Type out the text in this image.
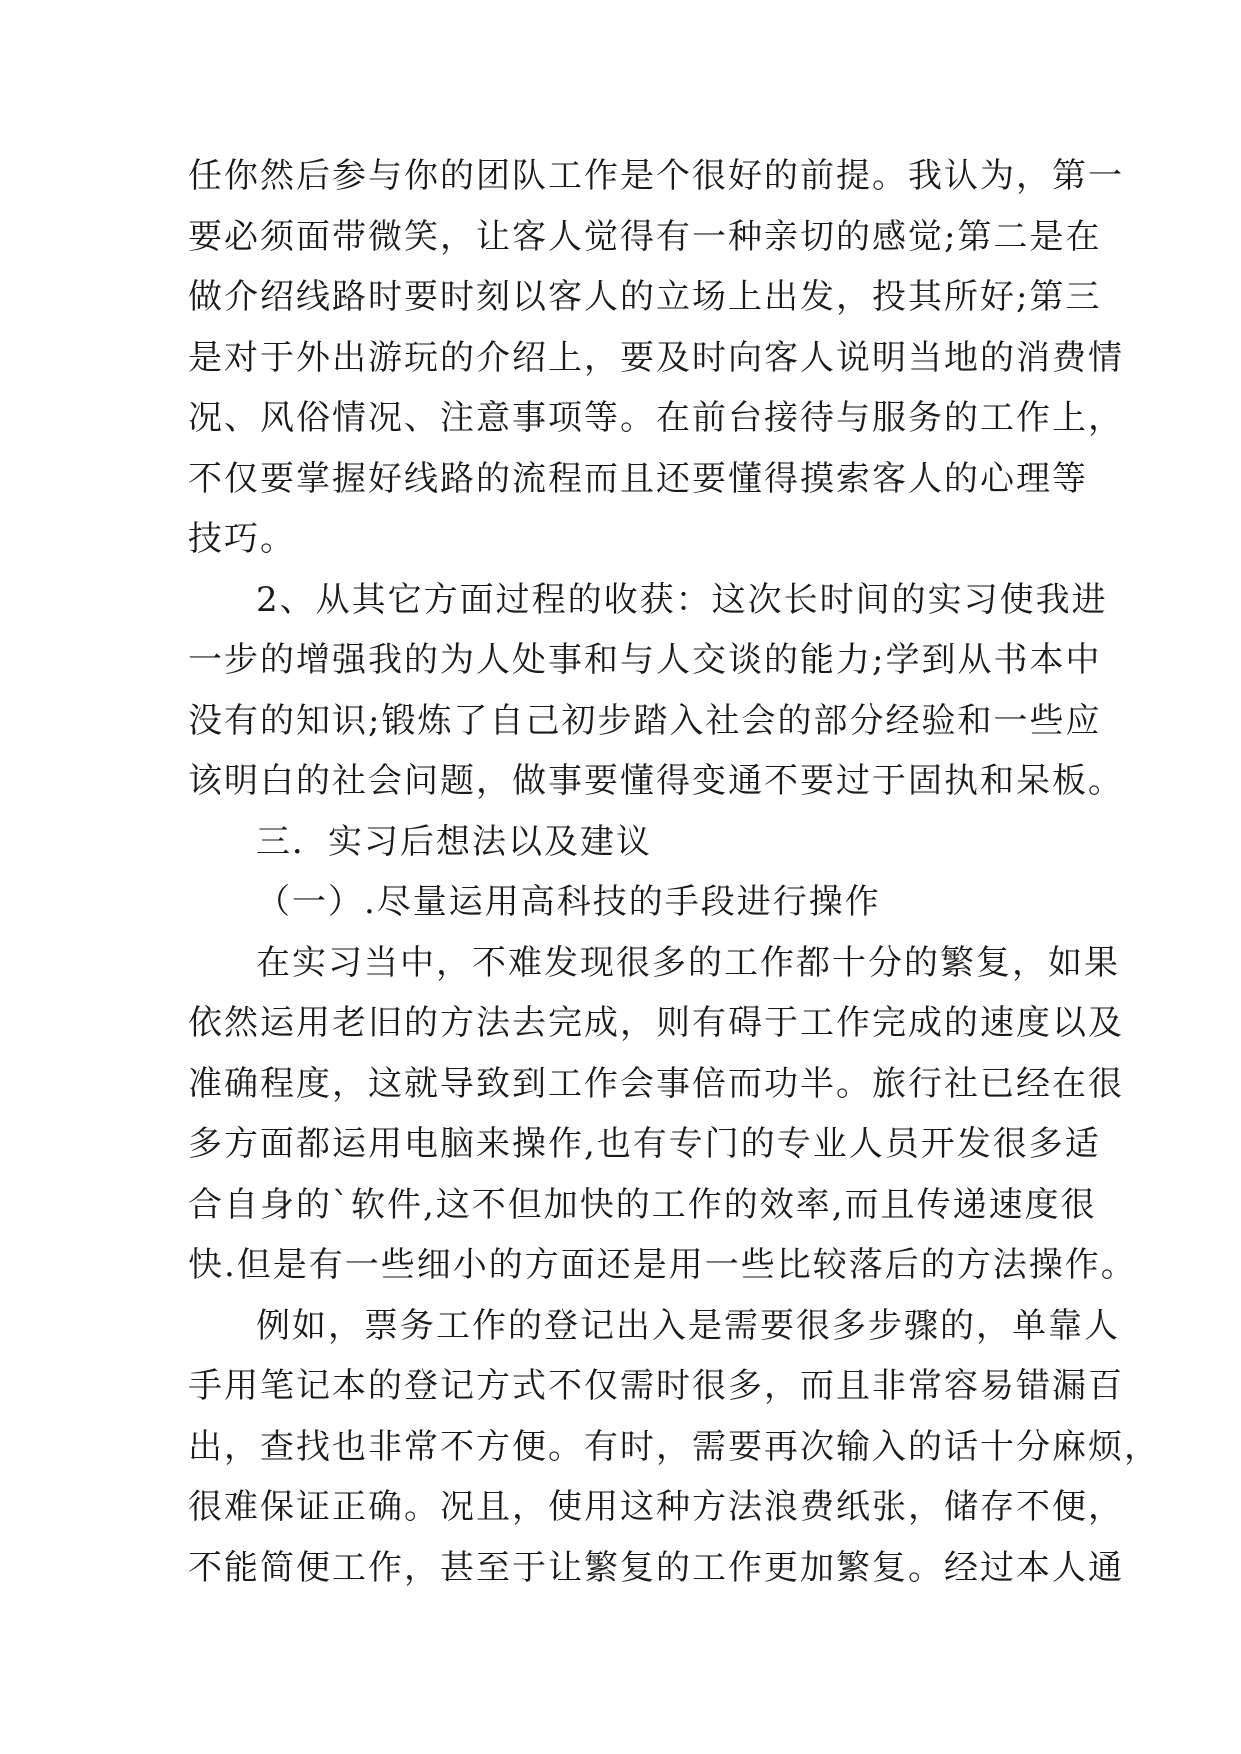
任你然后参与你的团队工作是个很好的前提。我认为，第一
要必须面带微笑，让客人觉得有一种亲切的感觉;第二是在
做介绍线路时要时刻以客人的立场上出发，投其所好;第三
是对于外出游玩的介绍上，要及时向客人说明当地的消费情
况、风俗情况、注意事项等。在前台接待与服务的工作上，
不仅要掌握好线路的流程而且还要懂得摸索客人的心理等
技巧。
2、从其它方面过程的收获：这次长时间的实习使我进
一步的增强我的为人处事和与人交谈的能力;学到从书本中
没有的知识;锻炼了自己初步踏入社会的部分经验和一些应
该明白的社会问题，做事要懂得变通不要过于固执和呆板。
三．实习后想法以及建议
（一）.尽量运用高科技的手段进行操作
在实习当中，不难发现很多的工作都十分的繁复，如果
依然运用老旧的方法去完成，则有碍于工作完成的速度以及
准确程度，这就导致到工作会事倍而功半。旅行社已经在很
多方面都运用电脑来操作,也有专门的专业人员开发很多适
合自身的`软件,这不但加快的工作的效率,而且传递速度很
快.但是有一些细小的方面还是用一些比较落后的方法操作。
例如，票务工作的登记出入是需要很多步骤的，单靠人
手用笔记本的登记方式不仅需时很多，而且非常容易错漏百
出，查找也非常不方便。有时，需要再次输入的话十分麻烦，
很难保证正确。况且，使用这种方法浪费纸张，储存不便，
不能简便工作，甚至于让繁复的工作更加繁复。经过本人通
